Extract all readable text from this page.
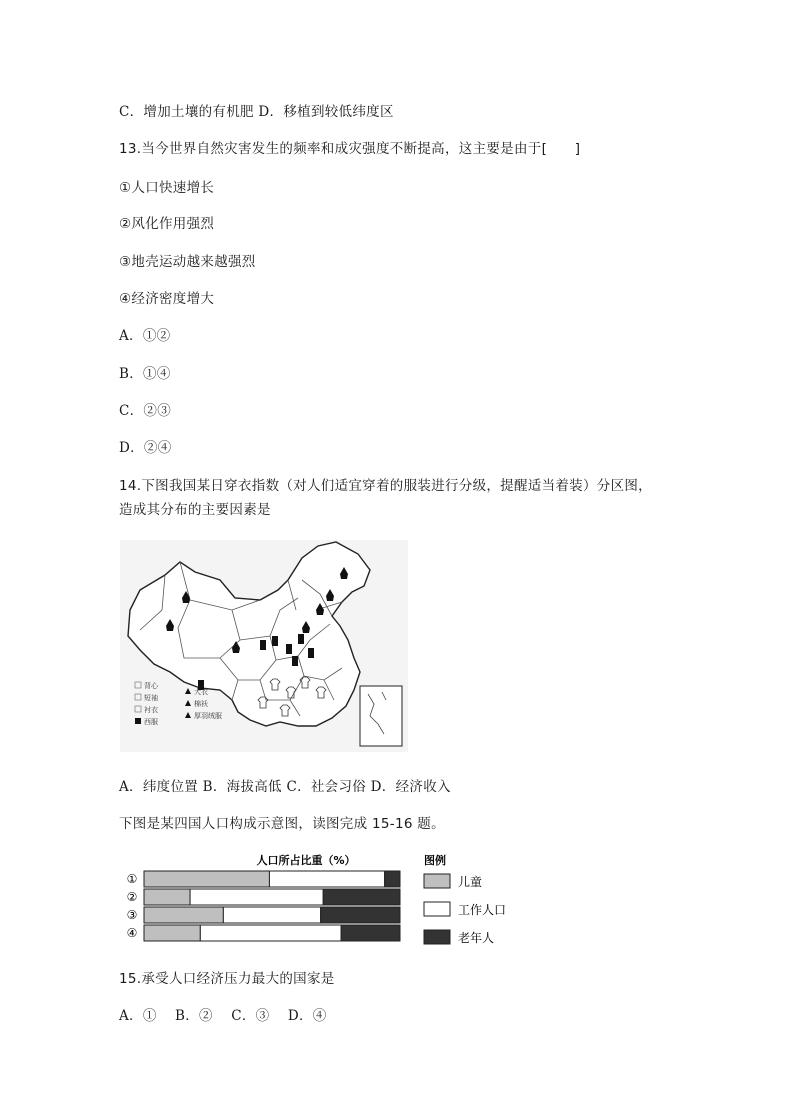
C．增加土壤的有机肥 D．移植到较低纬度区
13.当今世界自然灾害发生的频率和成灾强度不断提高，这主要是由于[　　]
①人口快速增长
②风化作用强烈
③地壳运动越来越强烈
④经济密度增大
A．①②
B．①④
C．②③
D．②④
14.下图我国某日穿衣指数（对人们适宜穿着的服装进行分级，提醒适当着装）分区图，
造成其分布的主要因素是
背心
短袖
衬衣
西服
大衣
棉袄
厚羽绒服
A．纬度位置 B．海拔高低 C．社会习俗 D．经济收入
下图是某四国人口构成示意图，读图完成 15-16 题。
人口所占比重（%）
①
②
③
④
图例
儿童
工作人口
老年人
15.承受人口经济压力最大的国家是
A．①　 B．②　 C．③　 D．④
